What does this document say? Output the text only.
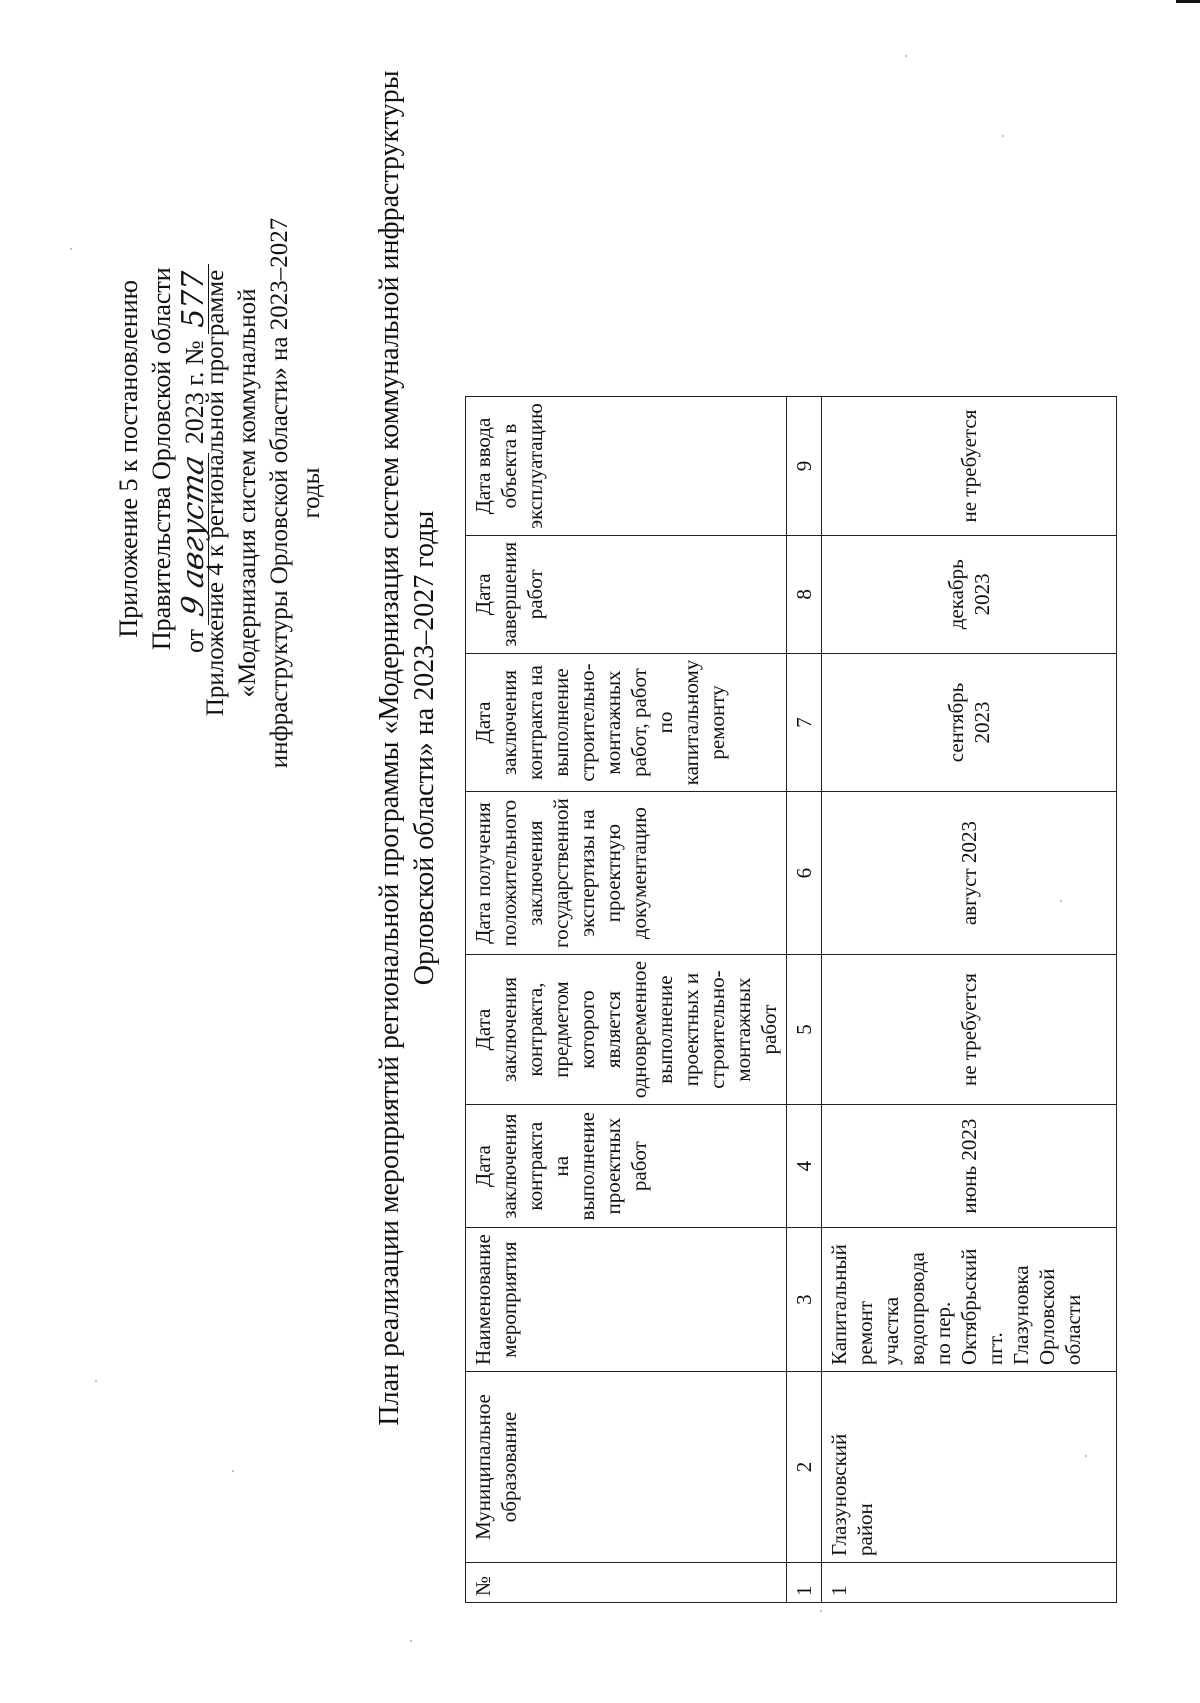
Приложение 5 к постановлению Правительства Орловской области от 9 августа 2023 г. № 577
Приложение 4 к региональной программе «Модернизация систем коммунальной инфраструктуры Орловской области» на 2023–2027 годы План реализации мероприятий региональной программы «Модернизация систем коммунальной инфраструктуры Орловской области» на 2023–2027 годы
№	Муниципальное образование	Наименование мероприятия	Дата заключения контракта на выполнение проектных работ	Дата заключения контракта, предметом которого является одновременное выполнение проектных и строительно-монтажных работ	Дата получения положительного заключения государственной экспертизы на проектную документацию	Дата заключения контракта на выполнение строительно-монтажных работ, работ по капитальному ремонту	Дата завершения работ	Дата ввода объекта в эксплуатацию
1	2	3	4	5	6	7	8	9
1	Глазуновский район	Капитальный ремонт участка водопровода по пер. Октябрьский пгт. Глазуновка Орловской области	июнь 2023	не требуется	август 2023	сентябрь 2023	декабрь 2023	не требуется
